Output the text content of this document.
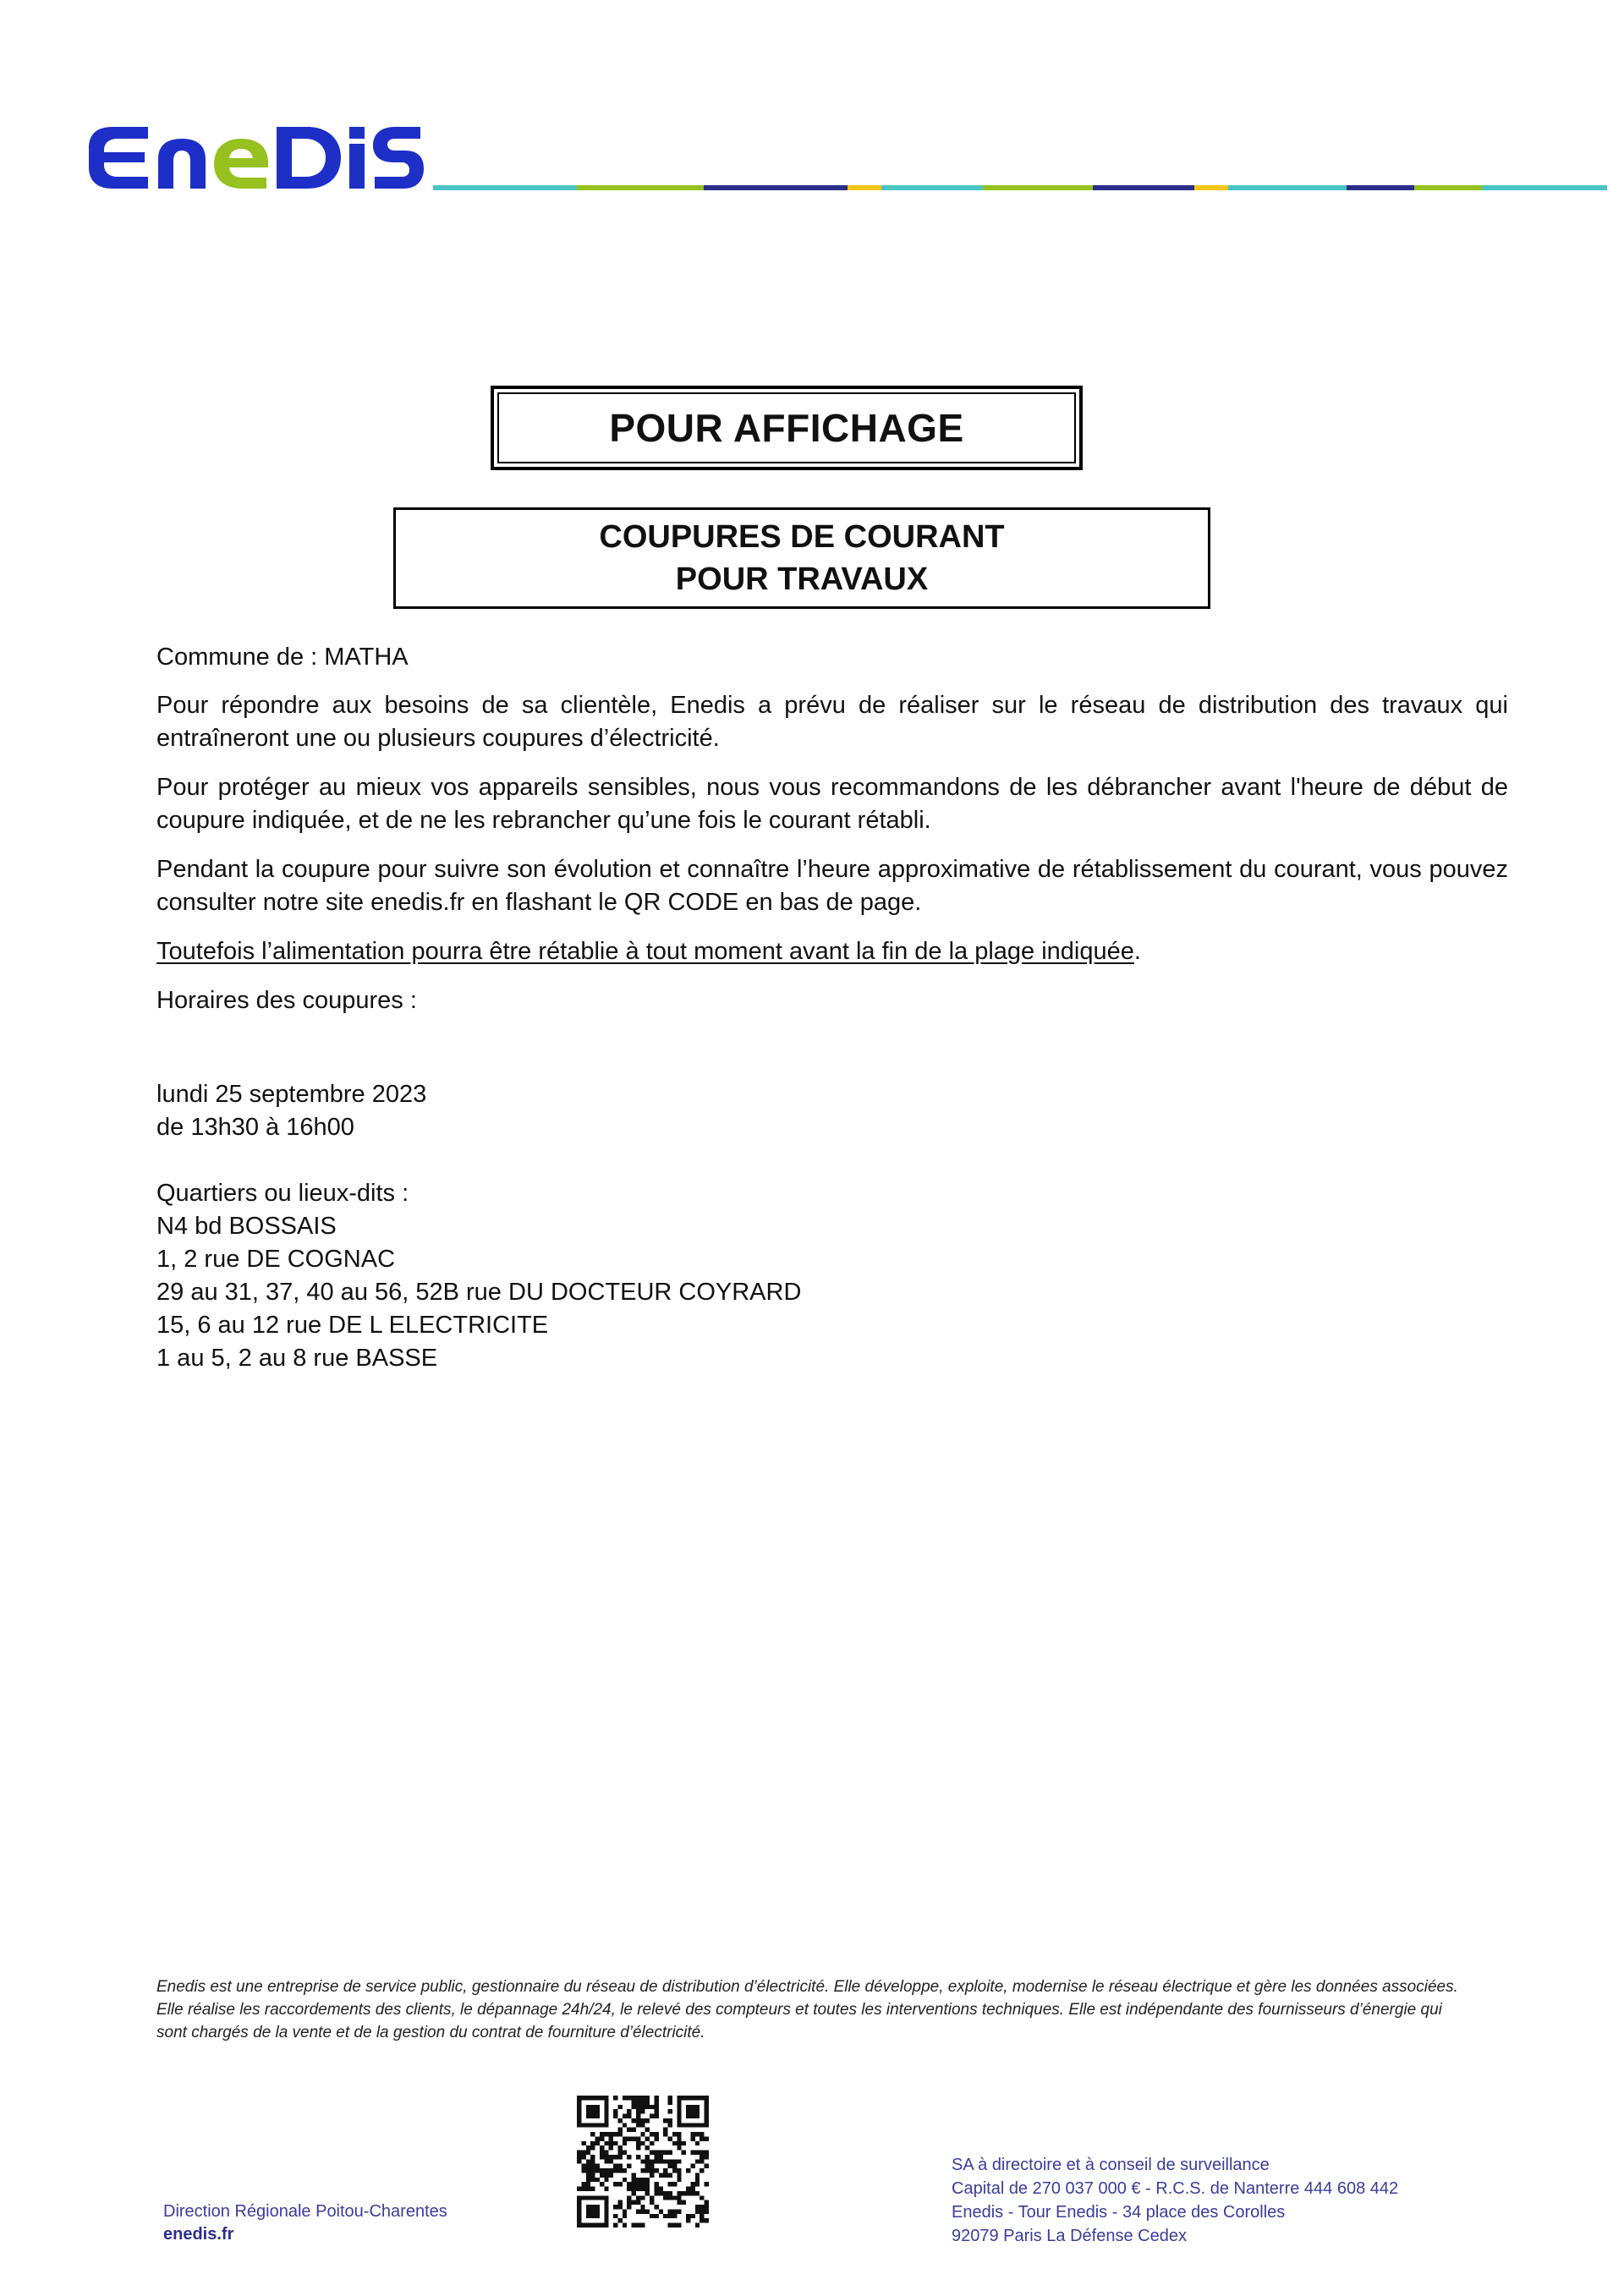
POUR AFFICHAGE
COUPURES DE COURANT
POUR TRAVAUX

Commune de : MATHA

Pour répondre aux besoins de sa clientèle, Enedis a prévu de réaliser sur le réseau de distribution des travaux qui entraîneront une ou plusieurs coupures d’électricité.

Pour protéger au mieux vos appareils sensibles, nous vous recommandons de les débrancher avant l'heure de début de coupure indiquée, et de ne les rebrancher qu’une fois le courant rétabli.

Pendant la coupure pour suivre son évolution et connaître l’heure approximative de rétablissement du courant, vous pouvez consulter notre site enedis.fr en flashant le QR CODE en bas de page.

Toutefois l’alimentation pourra être rétablie à tout moment avant la fin de la plage indiquée.

Horaires des coupures :

lundi 25 septembre 2023

de 13h30 à 16h00

Quartiers ou lieux-dits :

N4 bd BOSSAIS

1, 2 rue DE COGNAC

29 au 31, 37, 40 au 56, 52B rue DU DOCTEUR COYRARD

15, 6 au 12 rue DE L ELECTRICITE

1 au 5, 2 au 8 rue BASSE

Enedis est une entreprise de service public, gestionnaire du réseau de distribution d’électricité. Elle développe, exploite, modernise le réseau électrique et gère les données associées. Elle réalise les raccordements des clients, le dépannage 24h/24, le relevé des compteurs et toutes les interventions techniques. Elle est indépendante des fournisseurs d’énergie qui sont chargés de la vente et de la gestion du contrat de fourniture d’électricité.
Direction Régionale Poitou-Charentes
enedis.fr
SA à directoire et à conseil de surveillance
Capital de 270 037 000 € - R.C.S. de Nanterre 444 608 442
Enedis - Tour Enedis - 34 place des Corolles
92079 Paris La Défense Cedex
